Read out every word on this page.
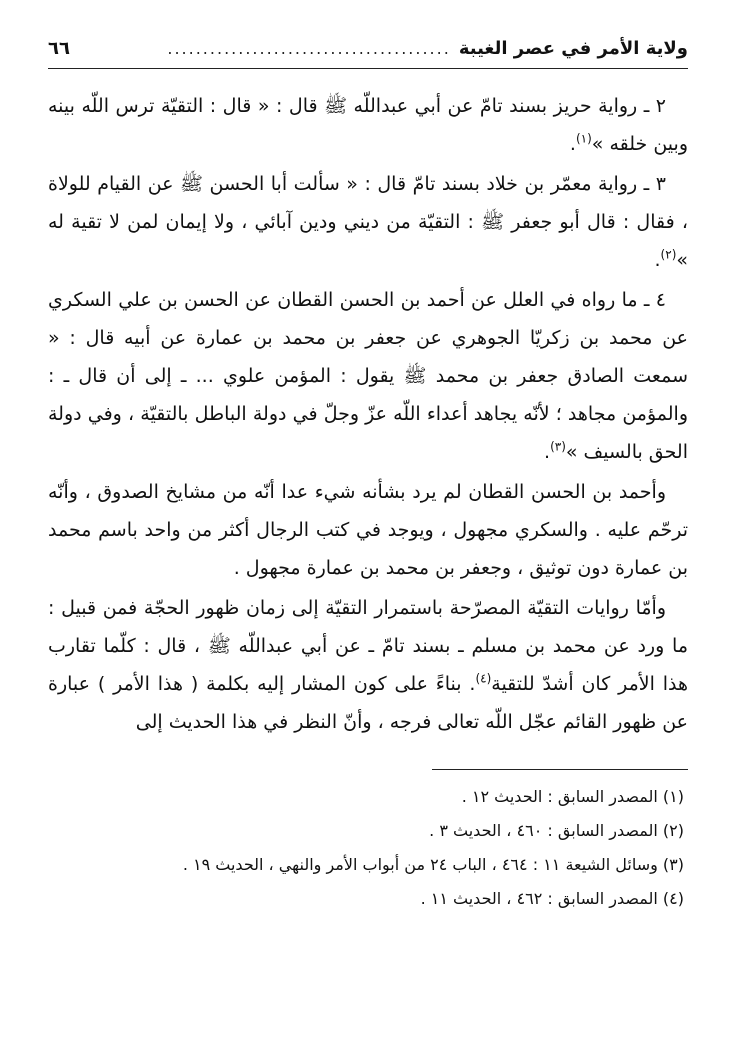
ولاية الأمر في عصر الغيبة
........................................
٦٦

٢ ـ رواية حريز بسند تامّ عن أبي عبداللّه ﷺ قال : « قال : التقيّة ترس اللّه بينه وبين خلقه »$^{(١)}$.

٣ ـ رواية معمّر بن خلاد بسند تامّ قال : « سألت أبا الحسن ﷺ عن القيام للولاة ، فقال : قال أبو جعفر ﷺ : التقيّة من ديني ودين آبائي ، ولا إيمان لمن لا تقية له »$^{(٢)}$.

٤ ـ ما رواه في العلل عن أحمد بن الحسن القطان عن الحسن بن علي السكري عن محمد بن زكريّا الجوهري عن جعفر بن محمد بن عمارة عن أبيه قال : « سمعت الصادق جعفر بن محمد ﷺ يقول : المؤمن علوي ... ـ إلى أن قال ـ : والمؤمن مجاهد ؛ لأنّه يجاهد أعداء اللّه عزّ وجلّ في دولة الباطل بالتقيّة ، وفي دولة الحق بالسيف »$^{(٣)}$.

وأحمد بن الحسن القطان لم يرد بشأنه شيء عدا أنّه من مشايخ الصدوق ، وأنّه ترحّم عليه . والسكري مجهول ، ويوجد في كتب الرجال أكثر من واحد باسم محمد بن عمارة دون توثيق ، وجعفر بن محمد بن عمارة مجهول .

وأمّا روايات التقيّة المصرّحة باستمرار التقيّة إلى زمان ظهور الحجّة فمن قبيل : ما ورد عن محمد بن مسلم ـ بسند تامّ ـ عن أبي عبداللّه ﷺ ، قال : كلّما تقارب هذا الأمر كان أشدّ للتقية$^{(٤)}$. بناءً على كون المشار إليه بكلمة ( هذا الأمر ) عبارة عن ظهور القائم عجّل اللّه تعالى فرجه ، وأنّ النظر في هذا الحديث إلى

(١) المصدر السابق : الحديث ١٢ .
(٢) المصدر السابق : ٤٦٠ ، الحديث ٣ .
(٣) وسائل الشيعة ١١ : ٤٦٤ ، الباب ٢٤ من أبواب الأمر والنهي ، الحديث ١٩ .
(٤) المصدر السابق : ٤٦٢ ، الحديث ١١ .
